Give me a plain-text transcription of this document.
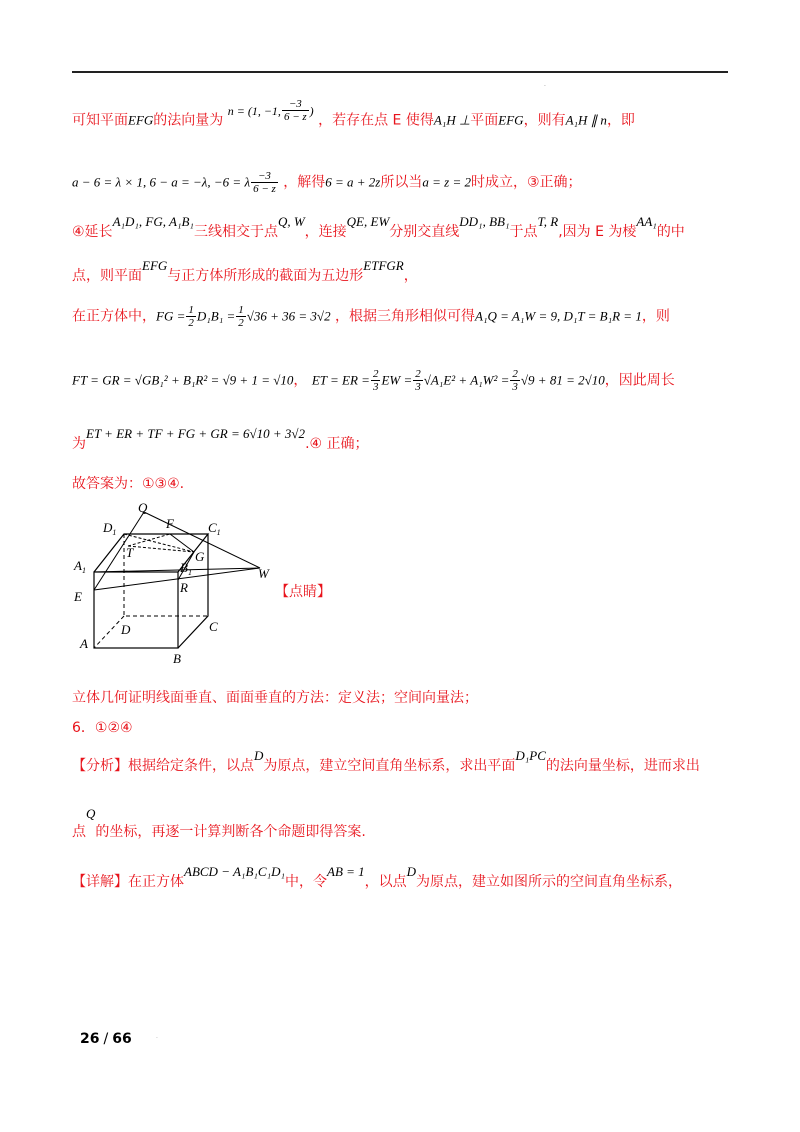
·
可知平面EFG的法向量为 n = (1, −1, $\frac{-3}{6 - z}$ ) ，若存在点 E 使得A₁H ⊥平面EFG，则有A₁H ∥ n，即
a − 6 = λ × 1, 6 − a = −λ, −6 = λ $\frac{-3}{6 - z}$ ，解得6 = a + 2z所以当a = z = 2时成立，③正确；
④延长A₁D₁, FG, A₁B₁三线相交于点Q, W，连接QE, EW分别交直线DD₁, BB₁于点T, R,因为 E 为棱AA₁的中
点，则平面EFG与正方体所形成的截面为五边形ETFGR，
在正方体中，FG = $\frac{1}{2} D_1B_1 = \frac{1}{2} √36 + 36 = 3√2$ ，根据三角形相似可得A₁Q = A₁W = 9, D₁T = B₁R = 1，则
FT = GR = √GB₁² + B₁R² = √9 + 1 = √10， ET = ER = $\frac{2}{3}$ EW = $\frac{2}{3} √A_1E^2 + A_1W^2 = \frac{2}{3} √9 + 81 = 2√10$，因此周长
为ET + ER + TF + FG + GR = 6√10 + 3√2.④ 正确；
故答案为：①③④.
Q
F
$D_1$	$C_1$
T	G
$A_1$	$B_1$	W
E
R
D	C
A
B
【点睛】
立体几何证明线面垂直、面面垂直的方法：定义法；空间向量法；
6．①②④
【分析】根据给定条件，以点D为原点，建立空间直角坐标系，求出平面D₁PC的法向量坐标，进而求出
点Q的坐标，再逐一计算判断各个命题即得答案.
【详解】在正方体ABCD − A₁B₁C₁D₁中，令AB = 1，以点D为原点，建立如图所示的空间直角坐标系，
26 / 66	·
